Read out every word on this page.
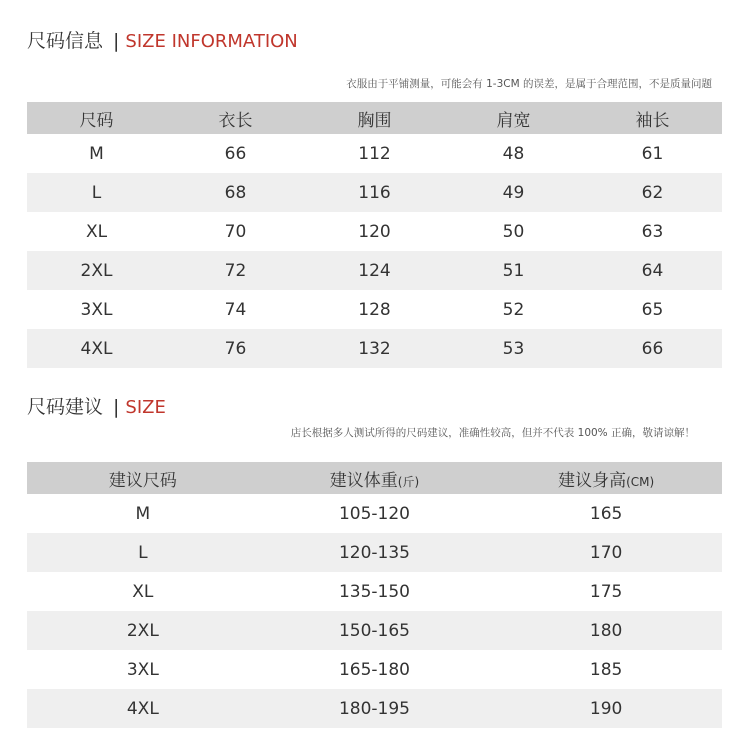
尺码信息 | SIZE INFORMATION
衣服由于平铺测量，可能会有 1-3CM 的误差，是属于合理范围，不是质量问题
尺码	衣长	胸围	肩宽	袖长
M	66	112	48	61
L	68	116	49	62
XL	70	120	50	63
2XL	72	124	51	64
3XL	74	128	52	65
4XL	76	132	53	66
尺码建议 | SIZE
店长根据多人测试所得的尺码建议，准确性较高，但并不代表 100% 正确，敬请谅解！
建议尺码	建议体重(斤)	建议身高(CM)
M	105-120	165
L	120-135	170
XL	135-150	175
2XL	150-165	180
3XL	165-180	185
4XL	180-195	190
